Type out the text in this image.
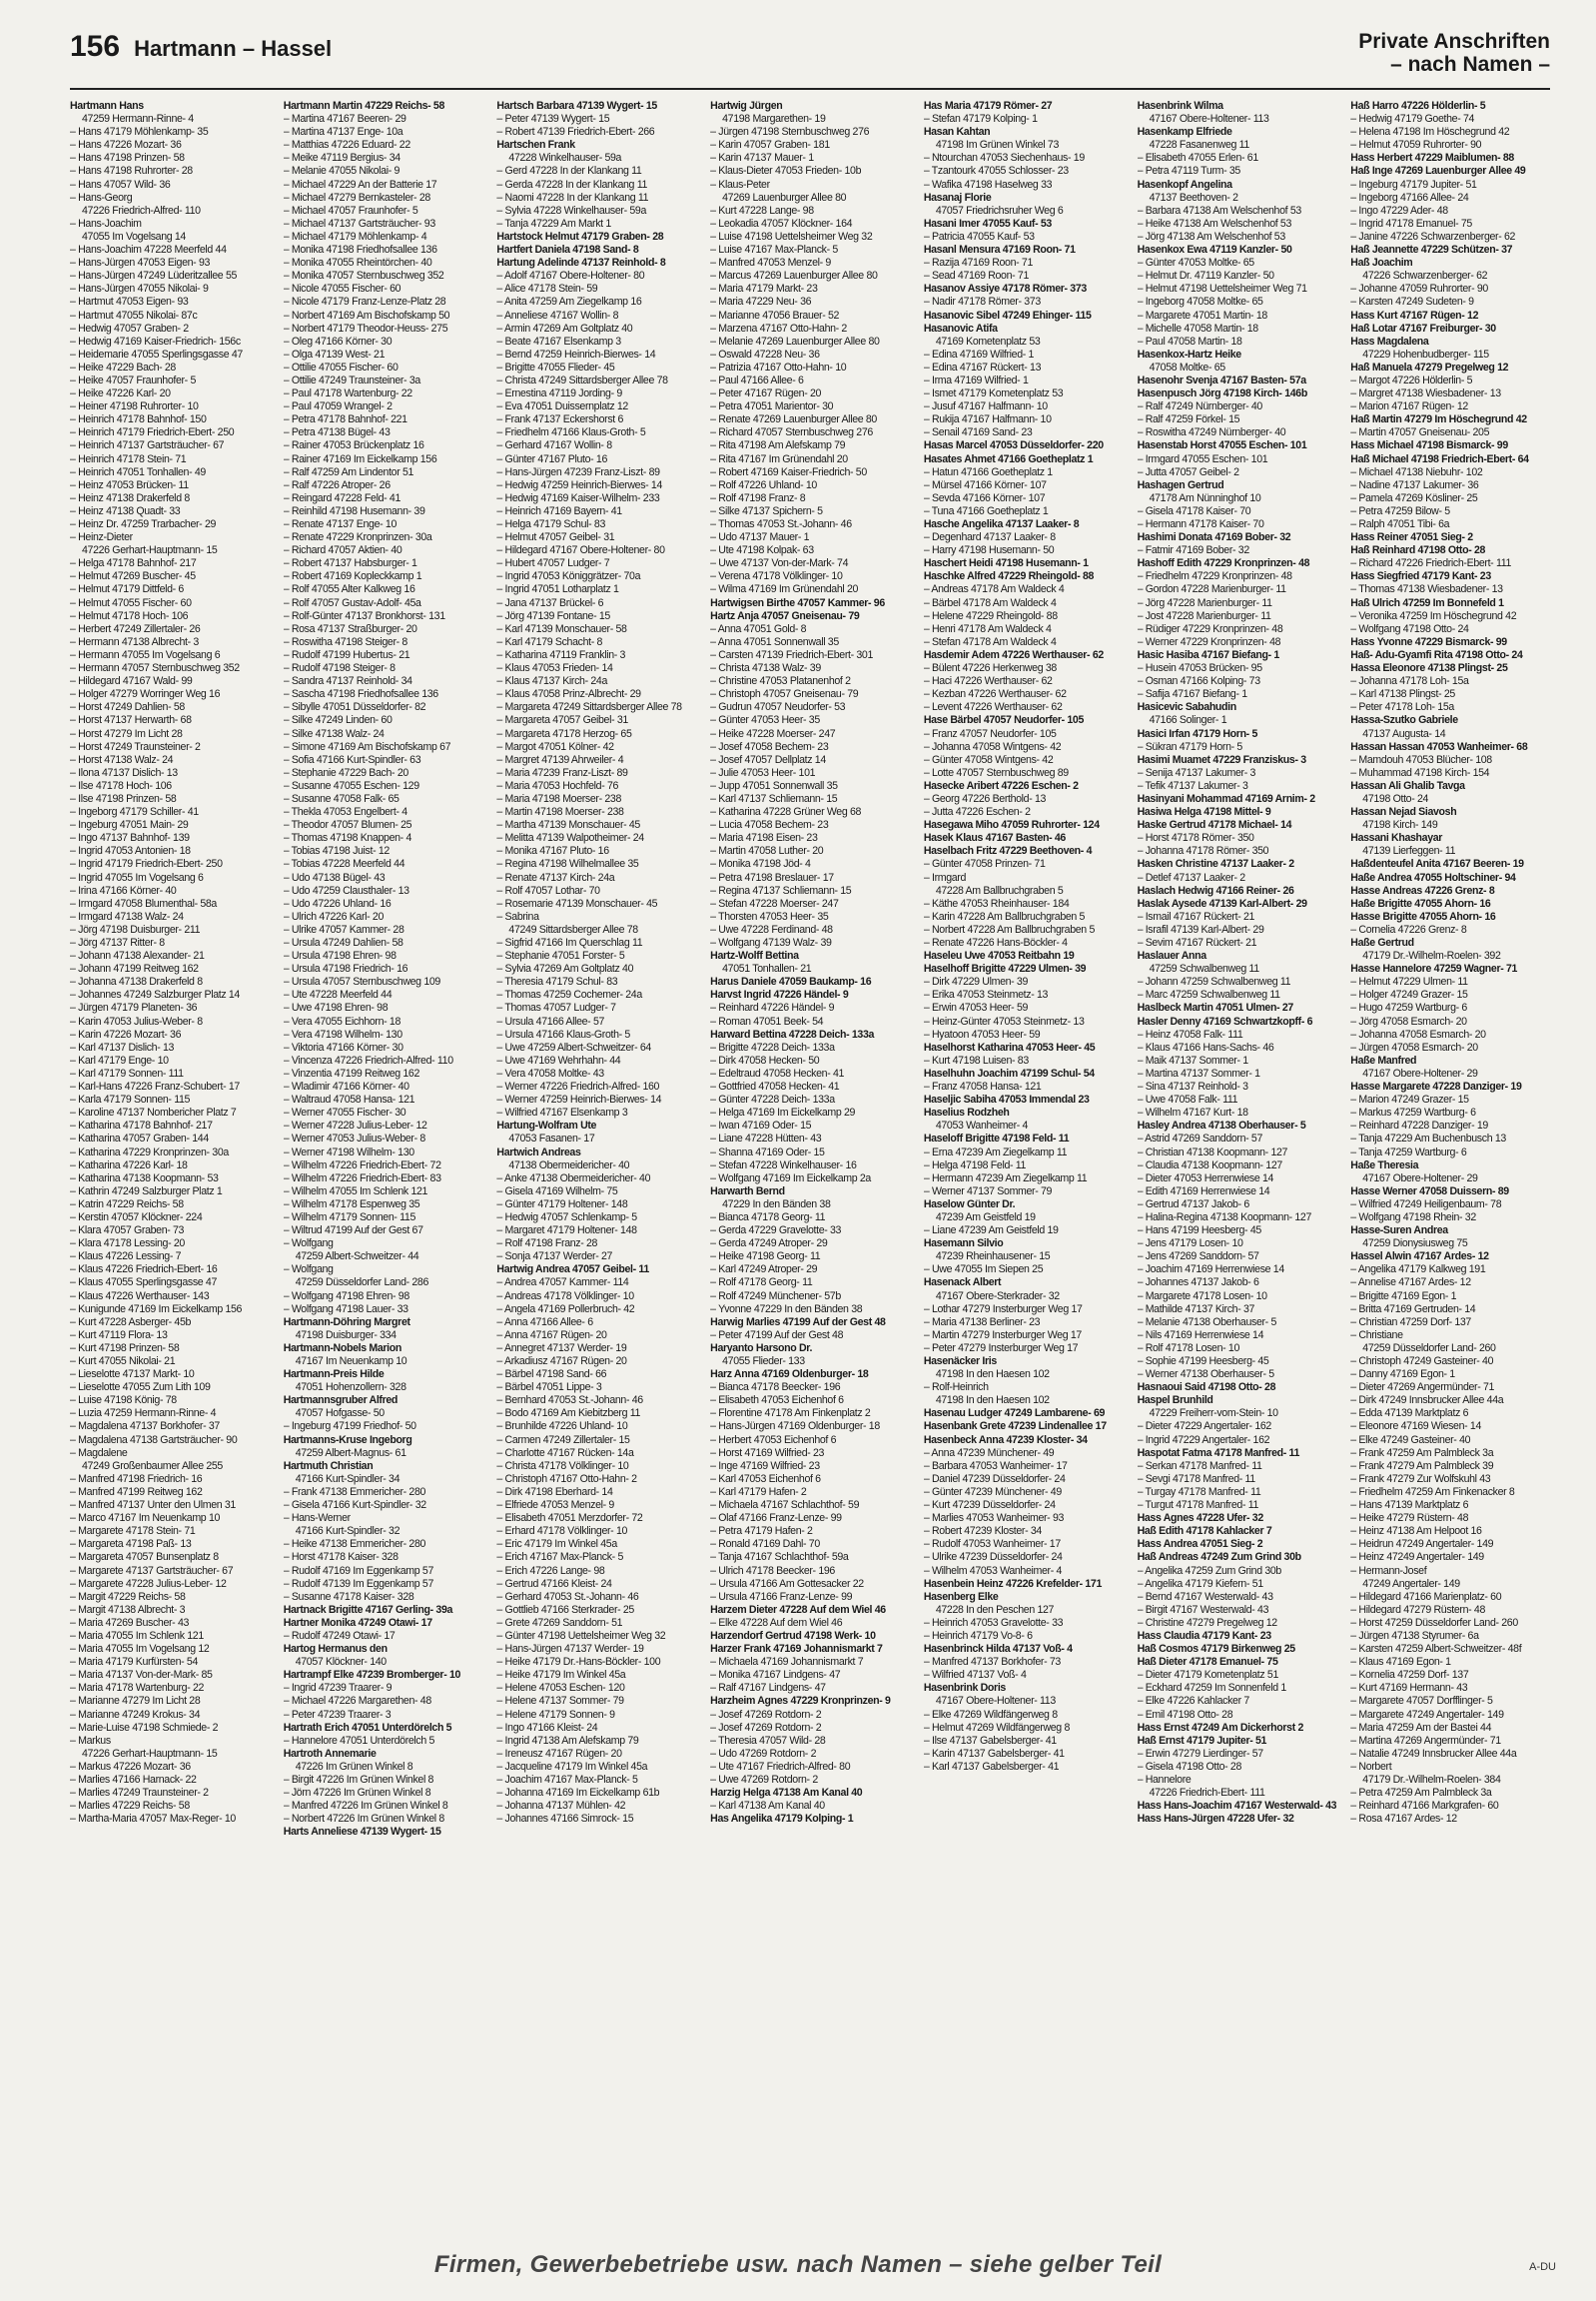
156 Hartmann – Hassel	Private Anschriften
– nach Namen –
Hartmann Hans
47259 Hermann-Rinne- 4
– Hans 47179 Möhlenkamp- 35
– Hans 47226 Mozart- 36
– Hans 47198 Prinzen- 58
– Hans 47198 Ruhrorter- 28
– Hans 47057 Wild- 36
– Hans-Georg
47226 Friedrich-Alfred- 110
– Hans-Joachim
47055 Im Vogelsang 14
– Hans-Joachim 47228 Meerfeld 44
– Hans-Jürgen 47053 Eigen- 93
– Hans-Jürgen 47249 Lüderitzallee 55
– Hans-Jürgen 47055 Nikolai- 9
– Hartmut 47053 Eigen- 93
– Hartmut 47055 Nikolai- 87c
– Hedwig 47057 Graben- 2
– Hedwig 47169 Kaiser-Friedrich- 156c
– Heidemarie 47055 Sperlingsgasse 47
– Heike 47229 Bach- 28
– Heike 47057 Fraunhofer- 5
– Heike 47226 Karl- 20
– Heiner 47198 Ruhrorter- 10
– Heinrich 47178 Bahnhof- 150
– Heinrich 47179 Friedrich-Ebert- 250
– Heinrich 47137 Gartsträucher- 67
– Heinrich 47178 Stein- 71
– Heinrich 47051 Tonhallen- 49
– Heinz 47053 Brücken- 11
– Heinz 47138 Drakerfeld 8
– Heinz 47138 Quadt- 33
– Heinz Dr. 47259 Trarbacher- 29
– Heinz-Dieter
47226 Gerhart-Hauptmann- 15
– Helga 47178 Bahnhof- 217
– Helmut 47269 Buscher- 45
– Helmut 47179 Dittfeld- 6
– Helmut 47055 Fischer- 60
– Helmut 47178 Hoch- 106
– Herbert 47249 Zillertaler- 26
– Hermann 47138 Albrecht- 3
– Hermann 47055 Im Vogelsang 6
– Hermann 47057 Sternbuschweg 352
– Hildegard 47167 Wald- 99
– Holger 47279 Worringer Weg 16
– Horst 47249 Dahlien- 58
– Horst 47137 Herwarth- 68
– Horst 47279 Im Licht 28
– Horst 47249 Traunsteiner- 2
– Horst 47138 Walz- 24
– Ilona 47137 Dislich- 13
– Ilse 47178 Hoch- 106
– Ilse 47198 Prinzen- 58
– Ingeborg 47179 Schiller- 41
– Ingeburg 47051 Main- 29
– Ingo 47137 Bahnhof- 139
– Ingrid 47053 Antonien- 18
– Ingrid 47179 Friedrich-Ebert- 250
– Ingrid 47055 Im Vogelsang 6
– Irina 47166 Körner- 40
– Irmgard 47058 Blumenthal- 58a
– Irmgard 47138 Walz- 24
– Jörg 47198 Duisburger- 211
– Jörg 47137 Ritter- 8
– Johann 47138 Alexander- 21
– Johann 47199 Reitweg 162
– Johanna 47138 Drakerfeld 8
– Johannes 47249 Salzburger Platz 14
– Jürgen 47179 Planeten- 36
– Karin 47053 Julius-Weber- 8
– Karin 47226 Mozart- 36
– Karl 47137 Dislich- 13
– Karl 47179 Enge- 10
– Karl 47179 Sonnen- 111
– Karl-Hans 47226 Franz-Schubert- 17
– Karla 47179 Sonnen- 115
– Karoline 47137 Nombericher Platz 7
– Katharina 47178 Bahnhof- 217
– Katharina 47057 Graben- 144
– Katharina 47229 Kronprinzen- 30a
– Katharina 47226 Karl- 18
– Katharina 47138 Koopmann- 53
– Kathrin 47249 Salzburger Platz 1
– Katrin 47229 Reichs- 58
– Kerstin 47057 Klöckner- 224
– Klara 47057 Graben- 73
– Klara 47178 Lessing- 20
– Klaus 47226 Lessing- 7
– Klaus 47226 Friedrich-Ebert- 16
– Klaus 47055 Sperlingsgasse 47
– Klaus 47226 Werthauser- 143
– Kunigunde 47169 Im Eickelkamp 156
– Kurt 47228 Asberger- 45b
– Kurt 47119 Flora- 13
– Kurt 47198 Prinzen- 58
– Kurt 47055 Nikolai- 21
– Lieselotte 47137 Markt- 10
– Lieselotte 47055 Zum Lith 109
– Luise 47198 König- 78
– Luzia 47259 Hermann-Rinne- 4
– Magdalena 47137 Borkhofer- 37
– Magdalena 47138 Gartsträucher- 90
– Magdalene
47249 Großenbaumer Allee 255
– Manfred 47198 Friedrich- 16
– Manfred 47199 Reitweg 162
– Manfred 47137 Unter den Ulmen 31
– Marco 47167 Im Neuenkamp 10
– Margarete 47178 Stein- 71
– Margareta 47198 Paß- 13
– Margareta 47057 Bunsenplatz 8
– Margarete 47137 Gartsträucher- 67
– Margarete 47228 Julius-Leber- 12
– Margit 47229 Reichs- 58
– Margit 47138 Albrecht- 3
– Maria 47269 Buscher- 43
– Maria 47055 Im Schlenk 121
– Maria 47055 Im Vogelsang 12
– Maria 47179 Kurfürsten- 54
– Maria 47137 Von-der-Mark- 85
– Maria 47178 Wartenburg- 22
– Marianne 47279 Im Licht 28
– Marianne 47249 Krokus- 34
– Marie-Luise 47198 Schmiede- 2
– Markus
47226 Gerhart-Hauptmann- 15
– Markus 47226 Mozart- 36
– Marlies 47166 Harnack- 22
– Marlies 47249 Traunsteiner- 2
– Marlies 47229 Reichs- 58
– Martha-Maria 47057 Max-Reger- 10
Hartmann Martin 47229 Reichs- 58
– Martina 47167 Beeren- 29
– Martina 47137 Enge- 10a
– Matthias 47226 Eduard- 22
– Meike 47119 Bergius- 34
– Melanie 47055 Nikolai- 9
– Michael 47229 An der Batterie 17
– Michael 47279 Bernkasteler- 28
– Michael 47057 Fraunhofer- 5
– Michael 47137 Gartsträucher- 93
– Michael 47179 Möhlenkamp- 4
– Monika 47198 Friedhofsallee 136
– Monika 47055 Rheintörchen- 40
– Monika 47057 Sternbuschweg 352
– Nicole 47055 Fischer- 60
– Nicole 47179 Franz-Lenze-Platz 28
– Norbert 47169 Am Bischofskamp 50
– Norbert 47179 Theodor-Heuss- 275
– Oleg 47166 Körner- 30
– Olga 47139 West- 21
– Ottilie 47055 Fischer- 60
– Ottilie 47249 Traunsteiner- 3a
– Paul 47178 Wartenburg- 22
– Paul 47059 Wrangel- 2
– Petra 47178 Bahnhof- 221
– Petra 47138 Bügel- 43
– Rainer 47053 Brückenplatz 16
– Rainer 47169 Im Eickelkamp 156
– Ralf 47259 Am Lindentor 51
– Ralf 47226 Atroper- 26
– Reingard 47228 Feld- 41
– Reinhild 47198 Husemann- 39
– Renate 47137 Enge- 10
– Renate 47229 Kronprinzen- 30a
– Richard 47057 Aktien- 40
– Robert 47137 Habsburger- 1
– Robert 47169 Kopleckkamp 1
– Rolf 47055 Alter Kalkweg 16
– Rolf 47057 Gustav-Adolf- 45a
– Rolf-Günter 47137 Bronkhorst- 131
– Rosa 47137 Straßburger- 20
– Roswitha 47198 Steiger- 8
– Rudolf 47199 Hubertus- 21
– Rudolf 47198 Steiger- 8
– Sandra 47137 Reinhold- 34
– Sascha 47198 Friedhofsallee 136
– Sibylle 47051 Düsseldorfer- 82
– Silke 47249 Linden- 60
– Silke 47138 Walz- 24
– Simone 47169 Am Bischofskamp 67
– Sofia 47166 Kurt-Spindler- 63
– Stephanie 47229 Bach- 20
– Susanne 47055 Eschen- 129
– Susanne 47058 Falk- 65
– Thekla 47053 Engelbert- 4
– Theodor 47057 Blumen- 25
– Thomas 47198 Knappen- 4
– Tobias 47198 Juist- 12
– Tobias 47228 Meerfeld 44
– Udo 47138 Bügel- 43
– Udo 47259 Clausthaler- 13
– Udo 47226 Uhland- 16
– Ulrich 47226 Karl- 20
– Ulrike 47057 Kammer- 28
– Ursula 47249 Dahlien- 58
– Ursula 47198 Ehren- 98
– Ursula 47198 Friedrich- 16
– Ursula 47057 Sternbuschweg 109
– Ute 47228 Meerfeld 44
– Uwe 47198 Ehren- 98
– Vera 47055 Eichhorn- 18
– Vera 47198 Wilhelm- 130
– Viktoria 47166 Körner- 30
– Vincenza 47226 Friedrich-Alfred- 110
– Vinzentia 47199 Reitweg 162
– Wladimir 47166 Körner- 40
– Waltraud 47058 Hansa- 121
– Werner 47055 Fischer- 30
– Werner 47228 Julius-Leber- 12
– Werner 47053 Julius-Weber- 8
– Werner 47198 Wilhelm- 130
– Wilhelm 47226 Friedrich-Ebert- 72
– Wilhelm 47226 Friedrich-Ebert- 83
– Wilhelm 47055 Im Schlenk 121
– Wilhelm 47178 Espenweg 35
– Wilhelm 47179 Sonnen- 115
– Wiltrud 47199 Auf der Gest 67
– Wolfgang
47259 Albert-Schweitzer- 44
– Wolfgang
47259 Düsseldorfer Land- 286
– Wolfgang 47198 Ehren- 98
– Wolfgang 47198 Lauer- 33
Hartmann-Döhring Margret
47198 Duisburger- 334
Hartmann-Nobels Marion
47167 Im Neuenkamp 10
Hartmann-Preis Hilde
47051 Hohenzollern- 328
Hartmannsgruber Alfred
47057 Hofgasse- 50
– Ingeburg 47199 Friedhof- 50
Hartmanns-Kruse Ingeborg
47259 Albert-Magnus- 61
Hartmuth Christian
47166 Kurt-Spindler- 34
– Frank 47138 Emmericher- 280
– Gisela 47166 Kurt-Spindler- 32
– Hans-Werner
47166 Kurt-Spindler- 32
– Heike 47138 Emmericher- 280
– Horst 47178 Kaiser- 328
– Rudolf 47169 Im Eggenkamp 57
– Rudolf 47139 Im Eggenkamp 57
– Susanne 47178 Kaiser- 328
Hartnack Brigitte 47167 Gerling- 39a
Hartner Monika 47249 Otawi- 17
– Rudolf 47249 Otawi- 17
Hartog Hermanus den
47057 Klöckner- 140
Hartrampf Elke 47239 Bromberger- 10
– Ingrid 47239 Traarer- 9
– Michael 47226 Margarethen- 48
– Peter 47239 Traarer- 3
Hartrath Erich 47051 Unterdörelch 5
– Hannelore 47051 Unterdörelch 5
Hartroth Annemarie
47226 Im Grünen Winkel 8
– Birgit 47226 Im Grünen Winkel 8
– Jörn 47226 Im Grünen Winkel 8
– Manfred 47226 Im Grünen Winkel 8
– Norbert 47226 Im Grünen Winkel 8
Harts Anneliese 47139 Wygert- 15
Hartsch Barbara 47139 Wygert- 15
– Peter 47139 Wygert- 15
– Robert 47139 Friedrich-Ebert- 266
Hartschen Frank
47228 Winkelhauser- 59a
– Gerd 47228 In der Klankang 11
– Gerda 47228 In der Klankang 11
– Naomi 47228 In der Klankang 11
– Sylvia 47228 Winkelhauser- 59a
– Tanja 47229 Am Markt 1
Hartstock Helmut 47179 Graben- 28
Hartfert Daniela 47198 Sand- 8
Hartung Adelinde 47137 Reinhold- 8
– Adolf 47167 Obere-Holtener- 80
– Alice 47178 Stein- 59
– Anita 47259 Am Ziegelkamp 16
– Anneliese 47167 Wollin- 8
– Armin 47269 Am Goltplatz 40
– Beate 47167 Elsenkamp 3
– Bernd 47259 Heinrich-Bierwes- 14
– Brigitte 47055 Flieder- 45
– Christa 47249 Sittardsberger Allee 78
– Ernestina 47119 Jording- 9
– Eva 47051 Duissernplatz 12
– Frank 47137 Eckershorst 6
– Friedhelm 47166 Klaus-Groth- 5
– Gerhard 47167 Wollin- 8
– Günter 47167 Pluto- 16
– Hans-Jürgen 47239 Franz-Liszt- 89
– Hedwig 47259 Heinrich-Bierwes- 14
– Hedwig 47169 Kaiser-Wilhelm- 233
– Heinrich 47169 Bayern- 41
– Helga 47179 Schul- 83
– Helmut 47057 Geibel- 31
– Hildegard 47167 Obere-Holtener- 80
– Hubert 47057 Ludger- 7
– Ingrid 47053 Königgrätzer- 70a
– Ingrid 47051 Lotharplatz 1
– Jana 47137 Brückel- 6
– Jörg 47139 Fontane- 15
– Karl 47139 Monschauer- 58
– Karl 47179 Schacht- 8
– Katharina 47119 Franklin- 3
– Klaus 47053 Frieden- 14
– Klaus 47137 Kirch- 24a
– Klaus 47058 Prinz-Albrecht- 29
– Margareta 47249 Sittardsberger Allee 78
– Margareta 47057 Geibel- 31
– Margareta 47178 Herzog- 65
– Margot 47051 Kölner- 42
– Margret 47139 Ahrweiler- 4
– Maria 47239 Franz-Liszt- 89
– Maria 47053 Hochfeld- 76
– Maria 47198 Moerser- 238
– Martin 47198 Moerser- 238
– Martha 47139 Monschauer- 45
– Melitta 47139 Walpotheimer- 24
– Monika 47167 Pluto- 16
– Regina 47198 Wilhelmallee 35
– Renate 47137 Kirch- 24a
– Rolf 47057 Lothar- 70
– Rosemarie 47139 Monschauer- 45
– Sabrina
47249 Sittardsberger Allee 78
– Sigfrid 47166 Im Querschlag 11
– Stephanie 47051 Forster- 5
– Sylvia 47269 Am Goltplatz 40
– Theresia 47179 Schul- 83
– Thomas 47259 Cochemer- 24a
– Thomas 47057 Ludger- 7
– Ursula 47166 Allee- 57
– Ursula 47166 Klaus-Groth- 5
– Uwe 47259 Albert-Schweitzer- 64
– Uwe 47169 Wehrhahn- 44
– Vera 47058 Moltke- 43
– Werner 47226 Friedrich-Alfred- 160
– Werner 47259 Heinrich-Bierwes- 14
– Wilfried 47167 Elsenkamp 3
Hartung-Wolfram Ute
47053 Fasanen- 17
Hartwich Andreas
47138 Obermeidericher- 40
– Anke 47138 Obermeidericher- 40
– Gisela 47169 Wilhelm- 75
– Günter 47179 Holtener- 148
– Hedwig 47057 Schlenkamp- 5
– Margaret 47179 Holtener- 148
– Rolf 47198 Franz- 28
– Sonja 47137 Werder- 27
Hartwig Andrea 47057 Geibel- 11
– Andrea 47057 Kammer- 114
– Andreas 47178 Völklinger- 10
– Angela 47169 Pollerbruch- 42
– Anna 47166 Allee- 6
– Anna 47167 Rügen- 20
– Annegret 47137 Werder- 19
– Arkadiusz 47167 Rügen- 20
– Bärbel 47198 Sand- 66
– Bärbel 47051 Lippe- 3
– Bernhard 47053 St.-Johann- 46
– Bodo 47169 Am Kiebitzberg 11
– Brunhilde 47226 Uhland- 10
– Carmen 47249 Zillertaler- 15
– Charlotte 47167 Rücken- 14a
– Christa 47178 Völklinger- 10
– Christoph 47167 Otto-Hahn- 2
– Dirk 47198 Eberhard- 14
– Elfriede 47053 Menzel- 9
– Elisabeth 47051 Merzdorfer- 72
– Erhard 47178 Völklinger- 10
– Eric 47179 Im Winkel 45a
– Erich 47167 Max-Planck- 5
– Erich 47226 Lange- 98
– Gertrud 47166 Kleist- 24
– Gerhard 47053 St.-Johann- 46
– Gottlieb 47166 Sterkrader- 25
– Grete 47269 Sanddorn- 51
– Günter 47198 Uettelsheimer Weg 32
– Hans-Jürgen 47137 Werder- 19
– Heike 47179 Dr.-Hans-Böckler- 100
– Heike 47179 Im Winkel 45a
– Helene 47053 Eschen- 120
– Helene 47137 Sommer- 79
– Helene 47179 Sonnen- 9
– Ingo 47166 Kleist- 24
– Ingrid 47138 Am Alefskamp 79
– Ireneusz 47167 Rügen- 20
– Jacqueline 47179 Im Winkel 45a
– Joachim 47167 Max-Planck- 5
– Johanna 47169 Im Eickelkamp 61b
– Johanna 47137 Mühlen- 42
– Johannes 47166 Simrock- 15
Hartwig Jürgen
47198 Margarethen- 19
– Jürgen 47198 Sternbuschweg 276
– Karin 47057 Graben- 181
– Karin 47137 Mauer- 1
– Klaus-Dieter 47053 Frieden- 10b
– Klaus-Peter
47269 Lauenburger Allee 80
– Kurt 47228 Lange- 98
– Leokadia 47057 Klöckner- 164
– Luise 47198 Uettelsheimer Weg 32
– Luise 47167 Max-Planck- 5
– Manfred 47053 Menzel- 9
– Marcus 47269 Lauenburger Allee 80
– Maria 47179 Markt- 23
– Maria 47229 Neu- 36
– Marianne 47056 Brauer- 52
– Marzena 47167 Otto-Hahn- 2
– Melanie 47269 Lauenburger Allee 80
– Oswald 47228 Neu- 36
– Patrizia 47167 Otto-Hahn- 10
– Paul 47166 Allee- 6
– Peter 47167 Rügen- 20
– Petra 47051 Marientor- 30
– Renate 47269 Lauenburger Allee 80
– Richard 47057 Sternbuschweg 276
– Rita 47198 Am Alefskamp 79
– Rita 47167 Im Grünendahl 20
– Robert 47169 Kaiser-Friedrich- 50
– Rolf 47226 Uhland- 10
– Rolf 47198 Franz- 8
– Silke 47137 Spichern- 5
– Thomas 47053 St.-Johann- 46
– Udo 47137 Mauer- 1
– Ute 47198 Kolpak- 63
– Uwe 47137 Von-der-Mark- 74
– Verena 47178 Völklinger- 10
– Wilma 47169 Im Grünendahl 20
Hartwigsen Birthe 47057 Kammer- 96
Hartz Anja 47057 Gneisenau- 79
– Anna 47051 Gold- 8
– Anna 47051 Sonnenwall 35
– Carsten 47139 Friedrich-Ebert- 301
– Christa 47138 Walz- 39
– Christine 47053 Platanenhof 2
– Christoph 47057 Gneisenau- 79
– Gudrun 47057 Neudorfer- 53
– Günter 47053 Heer- 35
– Heike 47228 Moerser- 247
– Josef 47058 Bechem- 23
– Josef 47057 Dellplatz 14
– Julie 47053 Heer- 101
– Jupp 47051 Sonnenwall 35
– Karl 47137 Schliemann- 15
– Katharina 47228 Grüner Weg 68
– Lucia 47058 Bechem- 23
– Maria 47198 Eisen- 23
– Martin 47058 Luther- 20
– Monika 47198 Jöd- 4
– Petra 47198 Breslauer- 17
– Regina 47137 Schliemann- 15
– Stefan 47228 Moerser- 247
– Thorsten 47053 Heer- 35
– Uwe 47228 Ferdinand- 48
– Wolfgang 47139 Walz- 39
Hartz-Wolff Bettina
47051 Tonhallen- 21
Harus Daniele 47059 Baukamp- 16
Harvst Ingrid 47226 Händel- 9
– Reinhard 47226 Händel- 9
– Roman 47051 Beek- 54
Harward Bettina 47228 Deich- 133a
– Brigitte 47228 Deich- 133a
– Dirk 47058 Hecken- 50
– Edeltraud 47058 Hecken- 41
– Gottfried 47058 Hecken- 41
– Günter 47228 Deich- 133a
– Helga 47169 Im Eickelkamp 29
– Iwan 47169 Oder- 15
– Liane 47228 Hütten- 43
– Shanna 47169 Oder- 15
– Stefan 47228 Winkelhauser- 16
– Wolfgang 47169 Im Eickelkamp 2a
Harwarth Bernd
47229 In den Bänden 38
– Bianca 47178 Georg- 11
– Gerda 47229 Gravelotte- 33
– Gerda 47249 Atroper- 29
– Heike 47198 Georg- 11
– Karl 47249 Atroper- 29
– Rolf 47178 Georg- 11
– Rolf 47249 Münchener- 57b
– Yvonne 47229 In den Bänden 38
Harwig Marlies 47199 Auf der Gest 48
– Peter 47199 Auf der Gest 48
Haryanto Harsono Dr.
47055 Flieder- 133
Harz Anna 47169 Oldenburger- 18
– Bianca 47178 Beecker- 196
– Elisabeth 47053 Eichenhof 6
– Florentine 47178 Am Finkenplatz 2
– Hans-Jürgen 47169 Oldenburger- 18
– Herbert 47053 Eichenhof 6
– Horst 47169 Wilfried- 23
– Inge 47169 Wilfried- 23
– Karl 47053 Eichenhof 6
– Karl 47179 Hafen- 2
– Michaela 47167 Schlachthof- 59
– Olaf 47166 Franz-Lenze- 99
– Petra 47179 Hafen- 2
– Ronald 47169 Dahl- 70
– Tanja 47167 Schlachthof- 59a
– Ulrich 47178 Beecker- 196
– Ursula 47166 Am Gottesacker 22
– Ursula 47166 Franz-Lenze- 99
Harzem Dieter 47228 Auf dem Wiel 46
– Elke 47228 Auf dem Wiel 46
Harzendorf Gertrud 47198 Werk- 10
Harzer Frank 47169 Johannismarkt 7
– Michaela 47169 Johannismarkt 7
– Monika 47167 Lindgens- 47
– Ralf 47167 Lindgens- 47
Harzheim Agnes 47229 Kronprinzen- 9
– Josef 47269 Rotdorn- 2
– Josef 47269 Rotdorn- 2
– Theresia 47057 Wild- 28
– Udo 47269 Rotdorn- 2
– Ute 47167 Friedrich-Alfred- 80
– Uwe 47269 Rotdorn- 2
Harzig Helga 47138 Am Kanal 40
– Karl 47138 Am Kanal 40
Has Angelika 47179 Kolping- 1
Has Maria 47179 Römer- 27
– Stefan 47179 Kolping- 1
Hasan Kahtan
47198 Im Grünen Winkel 73
– Ntourchan 47053 Siechenhaus- 19
– Tzantourk 47055 Schlosser- 23
– Wafika 47198 Haselweg 33
Hasanaj Florie
47057 Friedrichsruher Weg 6
Hasani Imer 47055 Kauf- 53
– Patricia 47055 Kauf- 53
Hasanl Mensura 47169 Roon- 71
– Razija 47169 Roon- 71
– Sead 47169 Roon- 71
Hasanov Assiye 47178 Römer- 373
– Nadir 47178 Römer- 373
Hasanovic Sibel 47249 Ehinger- 115
Hasanovic Atifa
47169 Kometenplatz 53
– Edina 47169 Wilfried- 1
– Edina 47167 Rückert- 13
– Irma 47169 Wilfried- 1
– Ismet 47179 Kometenplatz 53
– Jusuf 47167 Halfmann- 10
– Rukija 47167 Halfmann- 10
– Senail 47169 Sand- 23
Hasas Marcel 47053 Düsseldorfer- 220
Hasates Ahmet 47166 Goetheplatz 1
– Hatun 47166 Goetheplatz 1
– Mürsel 47166 Körner- 107
– Sevda 47166 Körner- 107
– Tuna 47166 Goetheplatz 1
Hasche Angelika 47137 Laaker- 8
– Degenhard 47137 Laaker- 8
– Harry 47198 Husemann- 50
Haschert Heidi 47198 Husemann- 1
Haschke Alfred 47229 Rheingold- 88
– Andreas 47178 Am Waldeck 4
– Bärbel 47178 Am Waldeck 4
– Helene 47229 Rheingold- 88
– Henri 47178 Am Waldeck 4
– Stefan 47178 Am Waldeck 4
Hasdemir Adem 47226 Werthauser- 62
– Bülent 47226 Herkenweg 38
– Haci 47226 Werthauser- 62
– Kezban 47226 Werthauser- 62
– Levent 47226 Werthauser- 62
Hase Bärbel 47057 Neudorfer- 105
– Franz 47057 Neudorfer- 105
– Johanna 47058 Wintgens- 42
– Günter 47058 Wintgens- 42
– Lotte 47057 Sternbuschweg 89
Hasecke Aribert 47226 Eschen- 2
– Georg 47226 Berthold- 13
– Jutta 47226 Eschen- 2
Hasegawa Miho 47059 Ruhrorter- 124
Hasek Klaus 47167 Basten- 46
Haselbach Fritz 47229 Beethoven- 4
– Günter 47058 Prinzen- 71
– Irmgard
47228 Am Ballbruchgraben 5
– Käthe 47053 Rheinhauser- 184
– Karin 47228 Am Ballbruchgraben 5
– Norbert 47228 Am Ballbruchgraben 5
– Renate 47226 Hans-Böckler- 4
Haseleu Uwe 47053 Reitbahn 19
Haselhoff Brigitte 47229 Ulmen- 39
– Dirk 47229 Ulmen- 39
– Erika 47053 Steinmetz- 13
– Erwin 47053 Heer- 59
– Heinz-Günter 47053 Steinmetz- 13
– Hyatoon 47053 Heer- 59
Haselhorst Katharina 47053 Heer- 45
– Kurt 47198 Luisen- 83
Haselhuhn Joachim 47199 Schul- 54
– Franz 47058 Hansa- 121
Haseljic Sabiha 47053 Immendal 23
Haselius Rodzheh
47053 Wanheimer- 4
Haseloff Brigitte 47198 Feld- 11
– Erna 47239 Am Ziegelkamp 11
– Helga 47198 Feld- 11
– Hermann 47239 Am Ziegelkamp 11
– Werner 47137 Sommer- 79
Haselow Günter Dr.
47239 Am Geistfeld 19
– Liane 47239 Am Geistfeld 19
Hasemann Silvio
47239 Rheinhausener- 15
– Uwe 47055 Im Siepen 25
Hasenack Albert
47167 Obere-Sterkrader- 32
– Lothar 47279 Insterburger Weg 17
– Maria 47138 Berliner- 23
– Martin 47279 Insterburger Weg 17
– Peter 47279 Insterburger Weg 17
Hasenäcker Iris
47198 In den Haesen 102
– Rolf-Heinrich
47198 In den Haesen 102
Hasenau Ludger 47249 Lambarene- 69
Hasenbank Grete 47239 Lindenallee 17
Hasenbeck Anna 47239 Kloster- 34
– Anna 47239 Münchener- 49
– Barbara 47053 Wanheimer- 17
– Daniel 47239 Düsseldorfer- 24
– Günter 47239 Münchener- 49
– Kurt 47239 Düsseldorfer- 24
– Marlies 47053 Wanheimer- 93
– Robert 47239 Kloster- 34
– Rudolf 47053 Wanheimer- 17
– Ulrike 47239 Düsseldorfer- 24
– Wilhelm 47053 Wanheimer- 4
Hasenbein Heinz 47226 Krefelder- 171
Hasenberg Elke
47228 In den Peschen 127
– Heinrich 47053 Gravelotte- 33
– Heinrich 47179 Vo-8- 6
Hasenbrinck Hilda 47137 Voß- 4
– Manfred 47137 Borkhofer- 73
– Wilfried 47137 Voß- 4
Hasenbrink Doris
47167 Obere-Holtener- 113
– Elke 47269 Wildfängerweg 8
– Helmut 47269 Wildfängerweg 8
– Ilse 47137 Gabelsberger- 41
– Karin 47137 Gabelsberger- 41
– Karl 47137 Gabelsberger- 41
Hasenbrink Wilma
47167 Obere-Holtener- 113
Hasenkamp Elfriede
47228 Fasanenweg 11
– Elisabeth 47055 Erlen- 61
– Petra 47119 Turm- 35
Hasenkopf Angelina
47137 Beethoven- 2
– Barbara 47138 Am Welschenhof 53
– Heike 47138 Am Welschenhof 53
– Jörg 47138 Am Welschenhof 53
Hasenkox Ewa 47119 Kanzler- 50
– Günter 47053 Moltke- 65
– Helmut Dr. 47119 Kanzler- 50
– Helmut 47198 Uettelsheimer Weg 71
– Ingeborg 47058 Moltke- 65
– Margarete 47051 Martin- 18
– Michelle 47058 Martin- 18
– Paul 47058 Martin- 18
Hasenkox-Hartz Heike
47058 Moltke- 65
Hasenohr Svenja 47167 Basten- 57a
Hasenpusch Jörg 47198 Kirch- 146b
– Ralf 47249 Nürnberger- 40
– Ralf 47259 Förkel- 15
– Roswitha 47249 Nürnberger- 40
Hasenstab Horst 47055 Eschen- 101
– Irmgard 47055 Eschen- 101
– Jutta 47057 Geibel- 2
Hashagen Gertrud
47178 Am Nünninghof 10
– Gisela 47178 Kaiser- 70
– Hermann 47178 Kaiser- 70
Hashimi Donata 47169 Bober- 32
– Fatmir 47169 Bober- 32
Hashoff Edith 47229 Kronprinzen- 48
– Friedhelm 47229 Kronprinzen- 48
– Gordon 47228 Marienburger- 11
– Jörg 47228 Marienburger- 11
– Jost 47228 Marienburger- 11
– Rüdiger 47229 Kronprinzen- 48
– Werner 47229 Kronprinzen- 48
Hasic Hasiba 47167 Biefang- 1
– Husein 47053 Brücken- 95
– Osman 47166 Kolping- 73
– Safija 47167 Biefang- 1
Hasicevic Sabahudin
47166 Solinger- 1
Hasici Irfan 47179 Horn- 5
– Sükran 47179 Horn- 5
Hasimi Muamet 47229 Franziskus- 3
– Senija 47137 Lakumer- 3
– Tefik 47137 Lakumer- 3
Hasinyani Mohammad 47169 Arnim- 2
Hasiwa Helga 47198 Mittel- 9
Haske Gertrud 47178 Michael- 14
– Horst 47178 Römer- 350
– Johanna 47178 Römer- 350
Hasken Christine 47137 Laaker- 2
– Detlef 47137 Laaker- 2
Haslach Hedwig 47166 Reiner- 26
Haslak Aysede 47139 Karl-Albert- 29
– Ismail 47167 Rückert- 21
– Israfil 47139 Karl-Albert- 29
– Sevim 47167 Rückert- 21
Haslauer Anna
47259 Schwalbenweg 11
– Johann 47259 Schwalbenweg 11
– Marc 47259 Schwalbenweg 11
Haslbeck Martin 47051 Ulmen- 27
Hasler Denny 47169 Schwartzkopff- 6
– Heinz 47058 Falk- 111
– Klaus 47166 Hans-Sachs- 46
– Maik 47137 Sommer- 1
– Martina 47137 Sommer- 1
– Sina 47137 Reinhold- 3
– Uwe 47058 Falk- 111
– Wilhelm 47167 Kurt- 18
Hasley Andrea 47138 Oberhauser- 5
– Astrid 47269 Sanddorn- 57
– Christian 47138 Koopmann- 127
– Claudia 47138 Koopmann- 127
– Dieter 47053 Herrenwiese 14
– Edith 47169 Herrenwiese 14
– Gertrud 47137 Jakob- 6
– Halina-Regina 47138 Koopmann- 127
– Hans 47199 Heesberg- 45
– Jens 47179 Losen- 10
– Jens 47269 Sanddorn- 57
– Joachim 47169 Herrenwiese 14
– Johannes 47137 Jakob- 6
– Margarete 47178 Losen- 10
– Mathilde 47137 Kirch- 37
– Melanie 47138 Oberhauser- 5
– Nils 47169 Herrenwiese 14
– Rolf 47178 Losen- 10
– Sophie 47199 Heesberg- 45
– Werner 47138 Oberhauser- 5
Hasnaoui Said 47198 Otto- 28
Haspel Brunhild
47229 Freiherr-vom-Stein- 10
– Dieter 47229 Angertaler- 162
– Ingrid 47229 Angertaler- 162
Haspotat Fatma 47178 Manfred- 11
– Serkan 47178 Manfred- 11
– Sevgi 47178 Manfred- 11
– Turgay 47178 Manfred- 11
– Turgut 47178 Manfred- 11
Hass Agnes 47228 Ufer- 32
Haß Edith 47178 Kahlacker 7
Hass Andrea 47051 Sieg- 2
Haß Andreas 47249 Zum Grind 30b
– Angelika 47259 Zum Grind 30b
– Angelika 47179 Kiefern- 51
– Bernd 47167 Westerwald- 43
– Birgit 47167 Westerwald- 43
– Christine 47279 Pregelweg 12
Hass Claudia 47179 Kant- 23
Haß Cosmos 47179 Birkenweg 25
Haß Dieter 47178 Emanuel- 75
– Dieter 47179 Kometenplatz 51
– Eckhard 47259 Im Sonnenfeld 1
– Elke 47226 Kahlacker 7
– Emil 47198 Otto- 28
Hass Ernst 47249 Am Dickerhorst 2
Haß Ernst 47179 Jupiter- 51
– Erwin 47279 Lierdinger- 57
– Gisela 47198 Otto- 28
– Hannelore
47226 Friedrich-Ebert- 111
Hass Hans-Joachim 47167 Westerwald- 43
Hass Hans-Jürgen 47228 Ufer- 32
Haß Harro 47226 Hölderlin- 5
– Hedwig 47179 Goethe- 74
– Helena 47198 Im Höschegrund 42
– Helmut 47059 Ruhrorter- 90
Hass Herbert 47229 Maiblumen- 88
Haß Inge 47269 Lauenburger Allee 49
– Ingeburg 47179 Jupiter- 51
– Ingeborg 47166 Allee- 24
– Ingo 47229 Ader- 48
– Ingrid 47178 Emanuel- 75
– Janine 47226 Schwarzenberger- 62
Haß Jeannette 47229 Schützen- 37
Haß Joachim
47226 Schwarzenberger- 62
– Johanne 47059 Ruhrorter- 90
– Karsten 47249 Sudeten- 9
Hass Kurt 47167 Rügen- 12
Haß Lotar 47167 Freiburger- 30
Hass Magdalena
47229 Hohenbudberger- 115
Haß Manuela 47279 Pregelweg 12
– Margot 47226 Hölderlin- 5
– Margret 47138 Wiesbadener- 13
– Marion 47167 Rügen- 12
Haß Martin 47279 Im Höschegrund 42
– Martin 47057 Gneisenau- 205
Hass Michael 47198 Bismarck- 99
Haß Michael 47198 Friedrich-Ebert- 64
– Michael 47138 Niebuhr- 102
– Nadine 47137 Lakumer- 36
– Pamela 47269 Kösliner- 25
– Petra 47259 Bilow- 5
– Ralph 47051 Tibi- 6a
Hass Reiner 47051 Sieg- 2
Haß Reinhard 47198 Otto- 28
– Richard 47226 Friedrich-Ebert- 111
Hass Siegfried 47179 Kant- 23
– Thomas 47138 Wiesbadener- 13
Haß Ulrich 47259 Im Bonnefeld 1
– Veronika 47259 Im Höschegrund 42
– Wolfgang 47198 Otto- 24
Hass Yvonne 47229 Bismarck- 99
Haß- Adu-Gyamfi Rita 47198 Otto- 24
Hassa Eleonore 47138 Plingst- 25
– Johanna 47178 Loh- 15a
– Karl 47138 Plingst- 25
– Peter 47178 Loh- 15a
Hassa-Szutko Gabriele
47137 Augusta- 14
Hassan Hassan 47053 Wanheimer- 68
– Mamdouh 47053 Blücher- 108
– Muhammad 47198 Kirch- 154
Hassan Ali Ghalib Tavga
47198 Otto- 24
Hassan Nejad Siavosh
47198 Kirch- 149
Hassani Khashayar
47139 Lierfeggen- 11
Haßdenteufel Anita 47167 Beeren- 19
Haße Andrea 47055 Holtschiner- 94
Hasse Andreas 47226 Grenz- 8
Haße Brigitte 47055 Ahorn- 16
Hasse Brigitte 47055 Ahorn- 16
– Cornelia 47226 Grenz- 8
Haße Gertrud
47179 Dr.-Wilhelm-Roelen- 392
Hasse Hannelore 47259 Wagner- 71
– Helmut 47229 Ulmen- 11
– Holger 47249 Grazer- 15
– Hugo 47259 Wartburg- 6
– Jörg 47058 Esmarch- 20
– Johanna 47058 Esmarch- 20
– Jürgen 47058 Esmarch- 20
Haße Manfred
47167 Obere-Holtener- 29
Hasse Margarete 47228 Danziger- 19
– Marion 47249 Grazer- 15
– Markus 47259 Wartburg- 6
– Reinhard 47228 Danziger- 19
– Tanja 47229 Am Buchenbusch 13
– Tanja 47259 Wartburg- 6
Haße Theresia
47167 Obere-Holtener- 29
Hasse Werner 47058 Duissern- 89
– Wilfried 47249 Heiligenbaum- 78
– Wolfgang 47198 Rhein- 32
Hasse-Suren Andrea
47259 Dionysiusweg 75
Hassel Alwin 47167 Ardes- 12
– Angelika 47179 Kalkweg 191
– Annelise 47167 Ardes- 12
– Brigitte 47169 Egon- 1
– Britta 47169 Gertruden- 14
– Christian 47259 Dorf- 137
– Christiane
47259 Düsseldorfer Land- 260
– Christoph 47249 Gasteiner- 40
– Danny 47169 Egon- 1
– Dieter 47269 Angermünder- 71
– Dirk 47249 Innsbrucker Allee 44a
– Edda 47139 Marktplatz 6
– Eleonore 47169 Wiesen- 14
– Elke 47249 Gasteiner- 40
– Frank 47259 Am Palmbleck 3a
– Frank 47279 Am Palmbleck 39
– Frank 47279 Zur Wolfskuhl 43
– Friedhelm 47259 Am Finkenacker 8
– Hans 47139 Marktplatz 6
– Heike 47279 Rüstern- 48
– Heinz 47138 Am Helpoot 16
– Heidrun 47249 Angertaler- 149
– Heinz 47249 Angertaler- 149
– Hermann-Josef
47249 Angertaler- 149
– Hildegard 47166 Marienplatz- 60
– Hildegard 47279 Rüstern- 48
– Horst 47259 Düsseldorfer Land- 260
– Jürgen 47138 Styrumer- 6a
– Karsten 47259 Albert-Schweitzer- 48f
– Klaus 47169 Egon- 1
– Kornelia 47259 Dorf- 137
– Kurt 47169 Hermann- 43
– Margarete 47057 Dorfflinger- 5
– Margarete 47249 Angertaler- 149
– Maria 47259 Am der Bastei 44
– Martina 47269 Angermünder- 71
– Natalie 47249 Innsbrucker Allee 44a
– Norbert
47179 Dr.-Wilhelm-Roelen- 384
– Petra 47259 Am Palmbleck 3a
– Reinhard 47166 Markgrafen- 60
– Rosa 47167 Ardes- 12
Firmen, Gewerbebetriebe usw. nach Namen – siehe gelber Teil	A-DU
